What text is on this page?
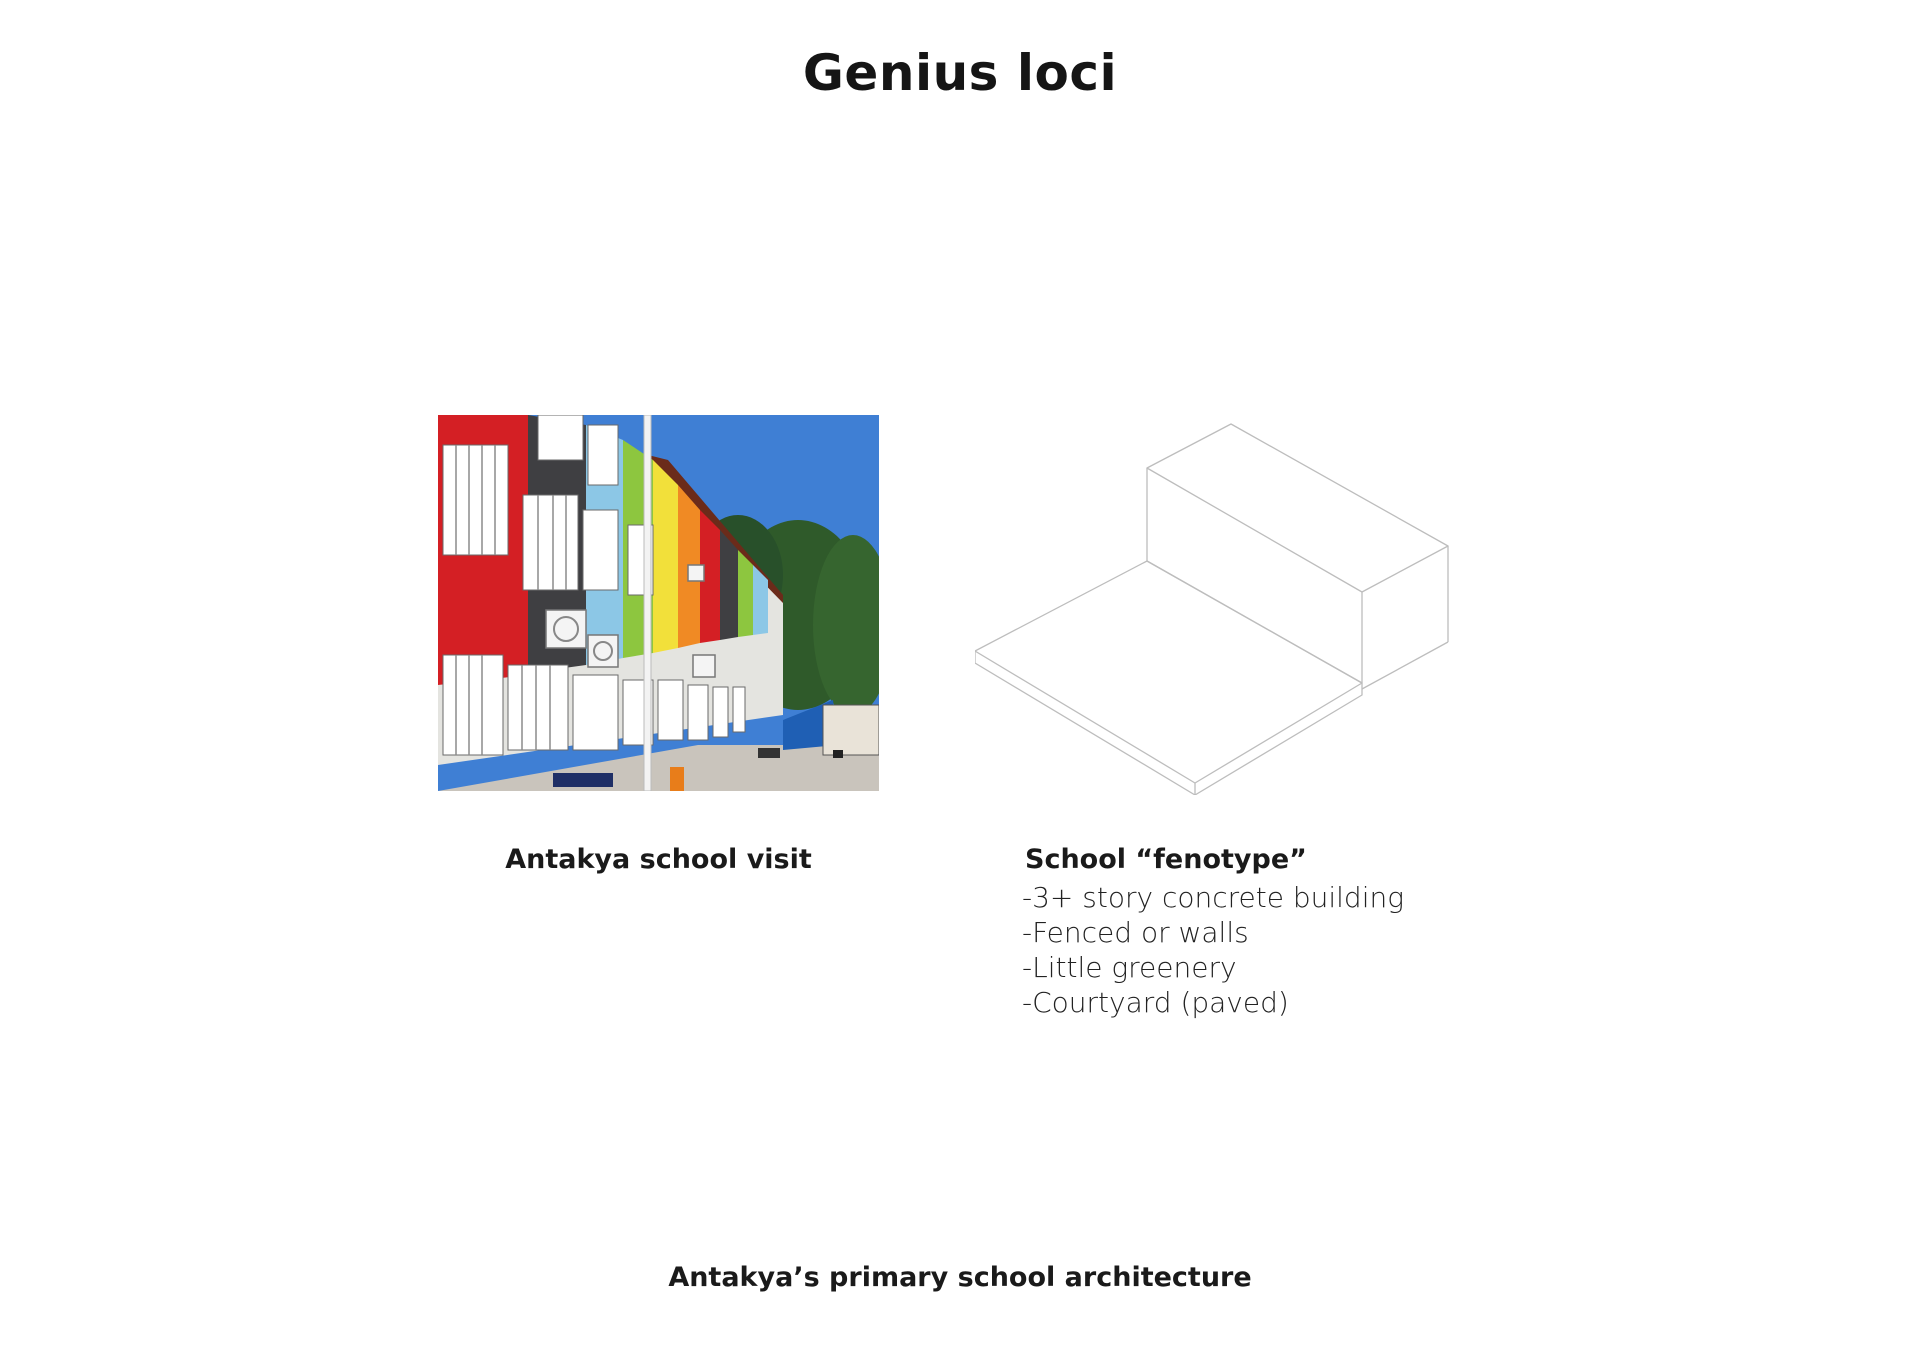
Genius loci
Antakya school visit	School “fenotype”
-3+ story concrete building
-Fenced or walls
-Little greenery
-Courtyard (paved)
Antakya’s primary school architecture
